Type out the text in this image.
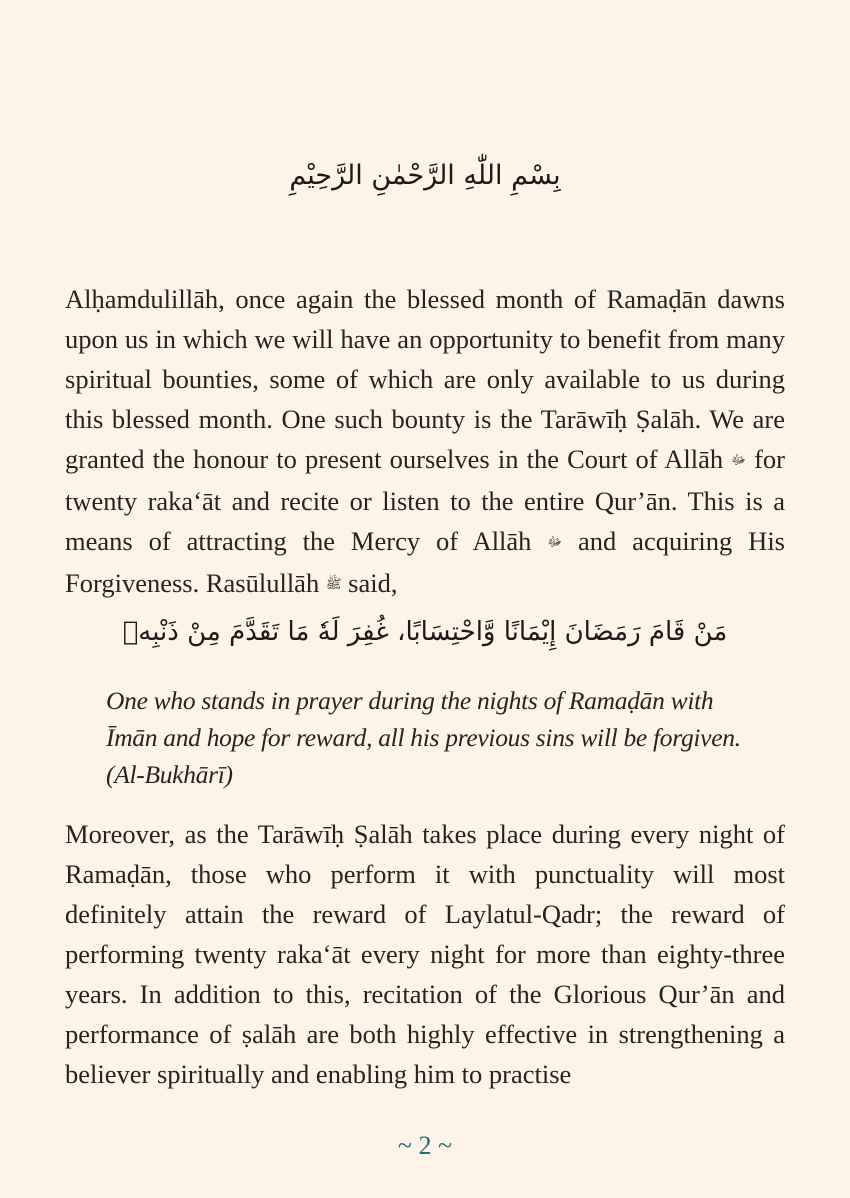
بِسْمِ اللّٰهِ الرَّحْمٰنِ الرَّحِيْمِ

Alḥamdulillāh, once again the blessed month of Ramaḍān dawns upon us in which we will have an opportunity to benefit from many spiritual bounties, some of which are only available to us during this blessed month. One such bounty is the Tarāwīḥ Ṣalāh. We are granted the honour to present ourselves in the Court of Allāh ﷻ for twenty raka‘āt and recite or listen to the entire Qur’ān. This is a means of attracting the Mercy of Allāh ﷻ and acquiring His Forgiveness. Rasūlullāh ﷺ said,

مَنْ قَامَ رَمَضَانَ إِيْمَانًا وَّاحْتِسَابًا، غُفِرَ لَهٗ مَا تَقَدَّمَ مِنْ ذَنْبِهٖ
One who stands in prayer during the nights of Ramaḍān with Īmān and hope for reward, all his previous sins will be forgiven. (Al-Bukhārī)

Moreover, as the Tarāwīḥ Ṣalāh takes place during every night of Ramaḍān, those who perform it with punctuality will most definitely attain the reward of Laylatul-Qadr; the reward of performing twenty raka‘āt every night for more than eighty-three years. In addition to this, recitation of the Glorious Qur’ān and performance of ṣalāh are both highly effective in strengthening a believer spiritually and enabling him to practise

~ 2 ~
